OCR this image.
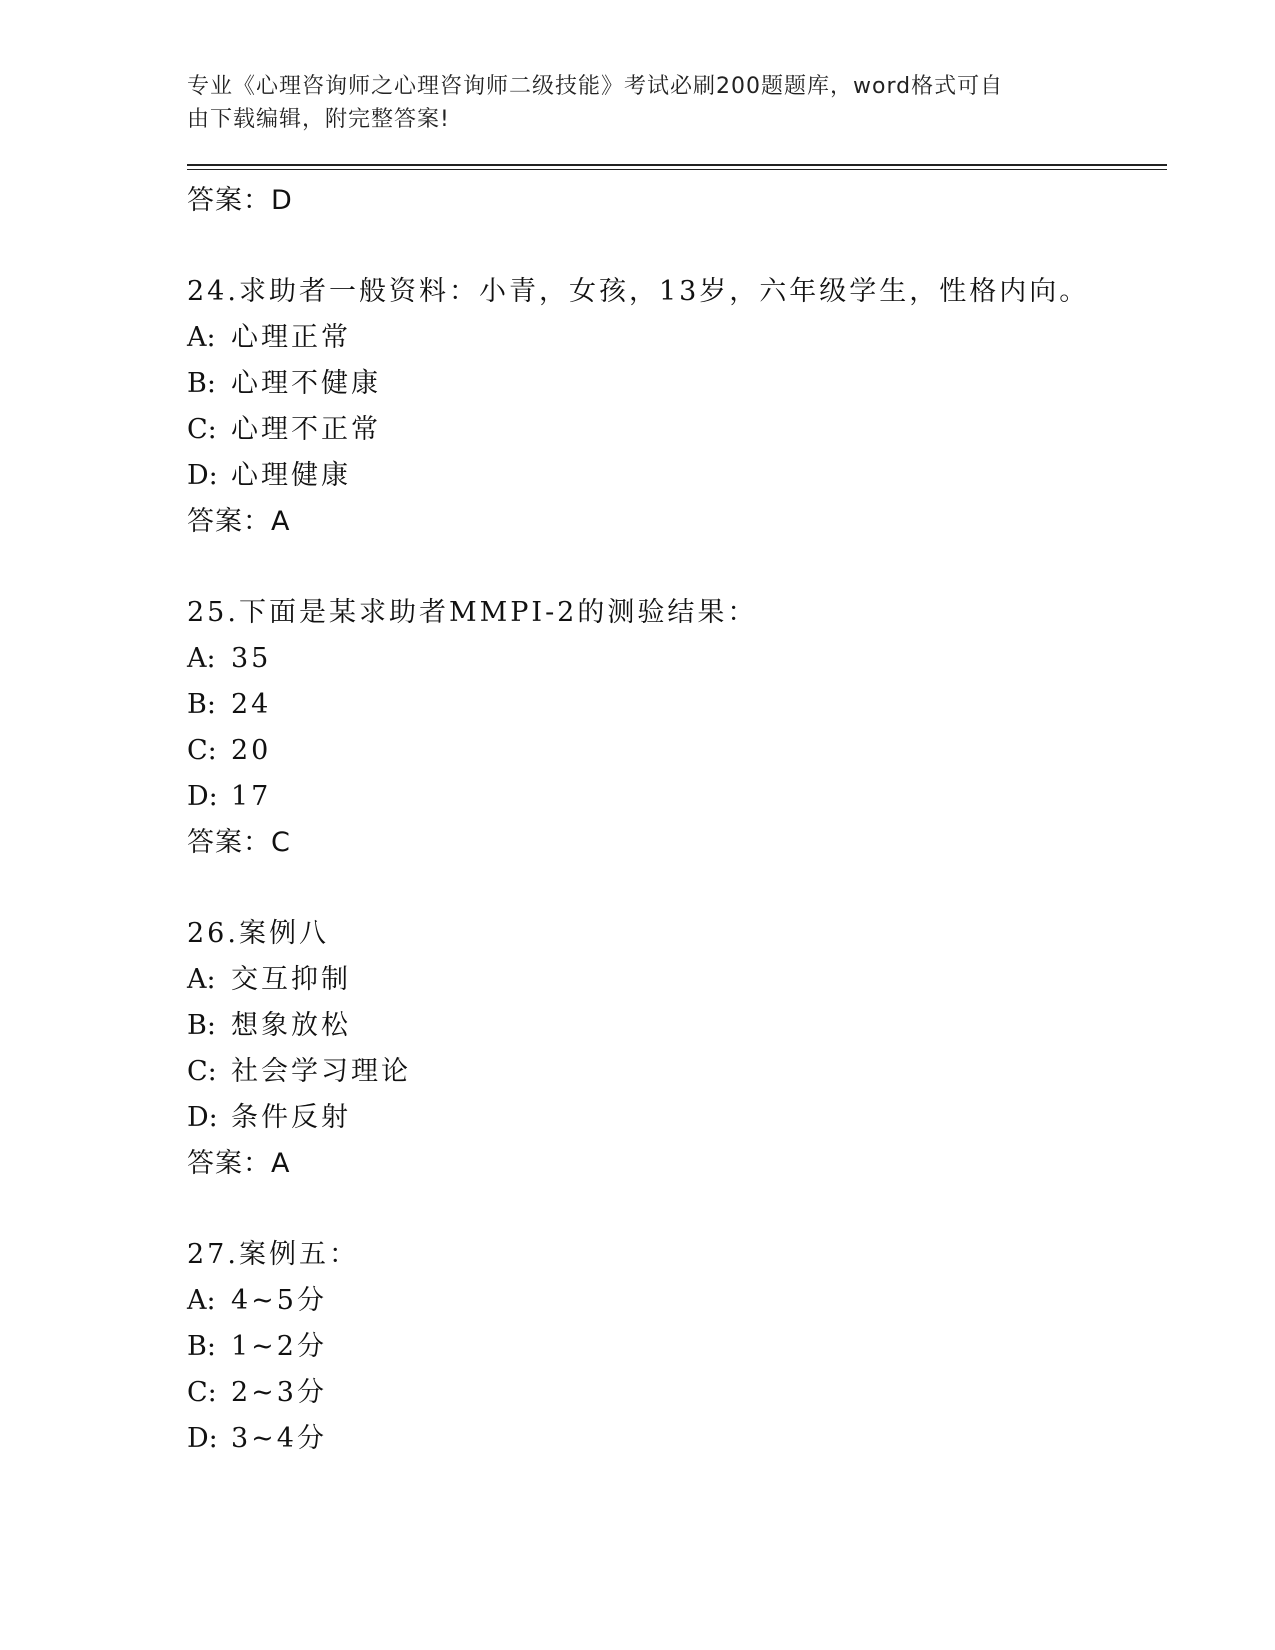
专业《心理咨询师之心理咨询师二级技能》考试必刷200题题库，word格式可自
由下载编辑，附完整答案!
答案：D
24.求助者一般资料：小青，女孩，13岁，六年级学生，性格内向。
A: 心理正常
B: 心理不健康
C: 心理不正常
D: 心理健康
答案：A
25.下面是某求助者MMPI-2的测验结果：
A: 35
B: 24
C: 20
D: 17
答案：C
26.案例八
A: 交互抑制
B: 想象放松
C: 社会学习理论
D: 条件反射
答案：A
27.案例五：
A: 4~5分
B: 1~2分
C: 2~3分
D: 3~4分
